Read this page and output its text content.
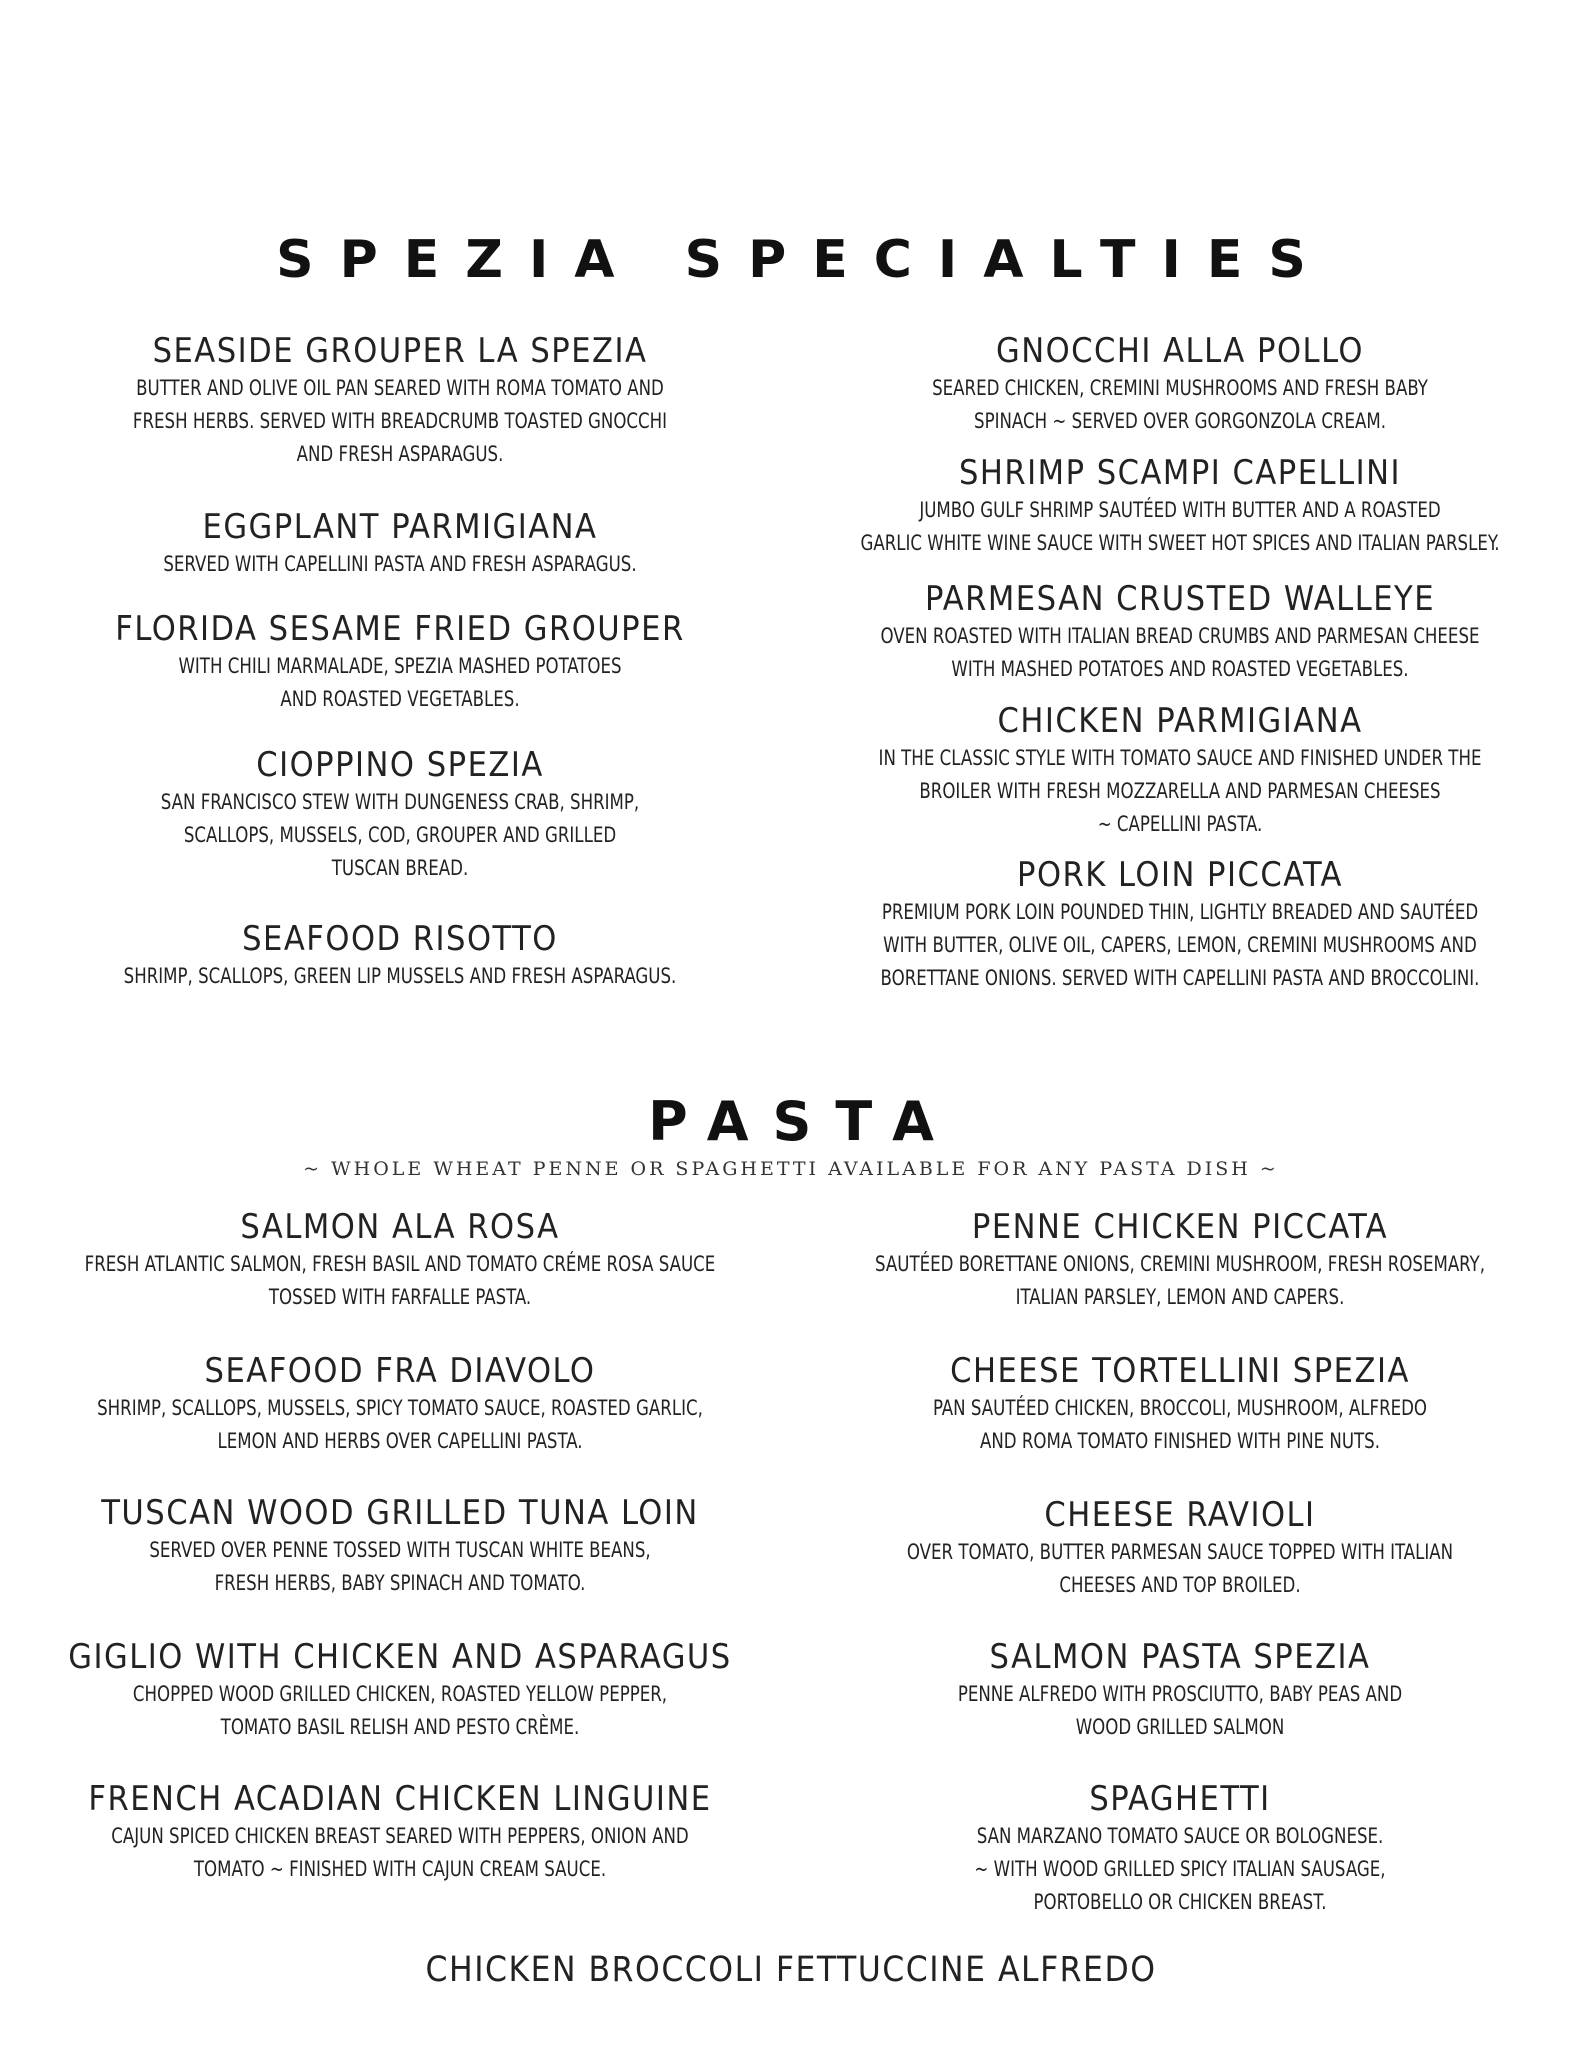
SPEZIA SPECIALTIES
SEASIDE GROUPER LA SPEZIA
BUTTER AND OLIVE OIL PAN SEARED WITH ROMA TOMATO AND
FRESH HERBS. SERVED WITH BREADCRUMB TOASTED GNOCCHI
AND FRESH ASPARAGUS.
EGGPLANT PARMIGIANA
SERVED WITH CAPELLINI PASTA AND FRESH ASPARAGUS.
FLORIDA SESAME FRIED GROUPER
WITH CHILI MARMALADE, SPEZIA MASHED POTATOES
AND ROASTED VEGETABLES.
CIOPPINO SPEZIA
SAN FRANCISCO STEW WITH DUNGENESS CRAB, SHRIMP,
SCALLOPS, MUSSELS, COD, GROUPER AND GRILLED
TUSCAN BREAD.
SEAFOOD RISOTTO
SHRIMP, SCALLOPS, GREEN LIP MUSSELS AND FRESH ASPARAGUS.
GNOCCHI ALLA POLLO
SEARED CHICKEN, CREMINI MUSHROOMS AND FRESH BABY
SPINACH ~ SERVED OVER GORGONZOLA CREAM.
SHRIMP SCAMPI CAPELLINI
JUMBO GULF SHRIMP SAUTÉED WITH BUTTER AND A ROASTED
GARLIC WHITE WINE SAUCE WITH SWEET HOT SPICES AND ITALIAN PARSLEY.
PARMESAN CRUSTED WALLEYE
OVEN ROASTED WITH ITALIAN BREAD CRUMBS AND PARMESAN CHEESE
WITH MASHED POTATOES AND ROASTED VEGETABLES.
CHICKEN PARMIGIANA
IN THE CLASSIC STYLE WITH TOMATO SAUCE AND FINISHED UNDER THE
BROILER WITH FRESH MOZZARELLA AND PARMESAN CHEESES
~ CAPELLINI PASTA.
PORK LOIN PICCATA
PREMIUM PORK LOIN POUNDED THIN, LIGHTLY BREADED AND SAUTÉED
WITH BUTTER, OLIVE OIL, CAPERS, LEMON, CREMINI MUSHROOMS AND
BORETTANE ONIONS. SERVED WITH CAPELLINI PASTA AND BROCCOLINI.
PASTA
~ WHOLE WHEAT PENNE OR SPAGHETTI AVAILABLE FOR ANY PASTA DISH ~
SALMON ALA ROSA
FRESH ATLANTIC SALMON, FRESH BASIL AND TOMATO CRÉME ROSA SAUCE
TOSSED WITH FARFALLE PASTA.
SEAFOOD FRA DIAVOLO
SHRIMP, SCALLOPS, MUSSELS, SPICY TOMATO SAUCE, ROASTED GARLIC,
LEMON AND HERBS OVER CAPELLINI PASTA.
TUSCAN WOOD GRILLED TUNA LOIN
SERVED OVER PENNE TOSSED WITH TUSCAN WHITE BEANS,
FRESH HERBS, BABY SPINACH AND TOMATO.
GIGLIO WITH CHICKEN AND ASPARAGUS
CHOPPED WOOD GRILLED CHICKEN, ROASTED YELLOW PEPPER,
TOMATO BASIL RELISH AND PESTO CRÈME.
FRENCH ACADIAN CHICKEN LINGUINE
CAJUN SPICED CHICKEN BREAST SEARED WITH PEPPERS, ONION AND
TOMATO ~ FINISHED WITH CAJUN CREAM SAUCE.
PENNE CHICKEN PICCATA
SAUTÉED BORETTANE ONIONS, CREMINI MUSHROOM, FRESH ROSEMARY,
ITALIAN PARSLEY, LEMON AND CAPERS.
CHEESE TORTELLINI SPEZIA
PAN SAUTÉED CHICKEN, BROCCOLI, MUSHROOM, ALFREDO
AND ROMA TOMATO FINISHED WITH PINE NUTS.
CHEESE RAVIOLI
OVER TOMATO, BUTTER PARMESAN SAUCE TOPPED WITH ITALIAN
CHEESES AND TOP BROILED.
SALMON PASTA SPEZIA
PENNE ALFREDO WITH PROSCIUTTO, BABY PEAS AND
WOOD GRILLED SALMON
SPAGHETTI
SAN MARZANO TOMATO SAUCE OR BOLOGNESE.
~ WITH WOOD GRILLED SPICY ITALIAN SAUSAGE,
PORTOBELLO OR CHICKEN BREAST.
CHICKEN BROCCOLI FETTUCCINE ALFREDO
